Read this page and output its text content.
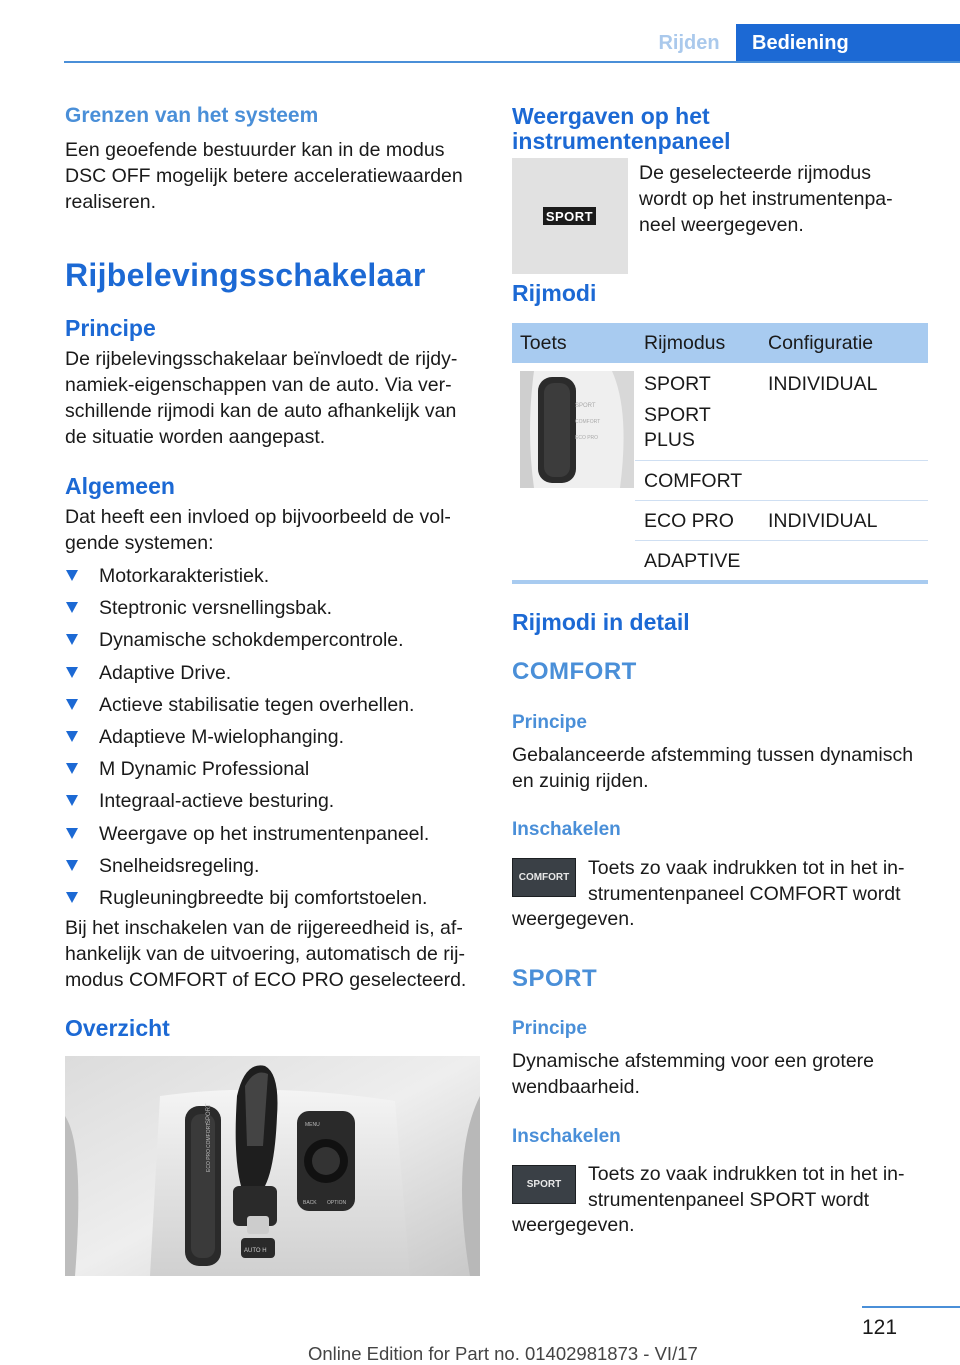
Rijden	Bediening

Grenzen van het systeem

Een geoefende bestuurder kan in de modus DSC OFF mogelijk betere acceleratiewaarden realiseren.

Rijbelevingsschakelaar

Principe

De rijbelevingsschakelaar beïnvloedt de rijdy-namiek-eigenschappen van de auto. Via ver-schillende rijmodi kan de auto afhankelijk van de situatie worden aangepast.

Algemeen

Dat heeft een invloed op bijvoorbeeld de vol-gende systemen:

Motorkarakteristiek.
Steptronic versnellingsbak.
Dynamische schokdempercontrole.
Adaptive Drive.
Actieve stabilisatie tegen overhellen.
Adaptieve M-wielophanging.
M Dynamic Professional
Integraal-actieve besturing.
Weergave op het instrumentenpaneel.
Snelheidsregeling.
Rugleuningbreedte bij comfortstoelen.

Bij het inschakelen van de rijgereedheid is, af-hankelijk van de uitvoering, automatisch de rij-modus COMFORT of ECO PRO geselecteerd.

Overzicht

SPORT
COMFORT
ECO PRO
AUTO H
MENU
BACK OPTION

Weergaven op het instrumentenpaneel

SPORT

De geselecteerde rijmodus wordt op het instrumentenpa-neel weergegeven.

Rijmodi

Toets	Rijmodus Configuratie
SPORT
COMFORT
ECO PRO
SPORT
SPORT PLUS
INDIVIDUAL
COMFORT
ECO PRO INDIVIDUAL
ADAPTIVE

Rijmodi in detail

COMFORT

Principe

Gebalanceerde afstemming tussen dynamisch en zuinig rijden.

Inschakelen

COMFORT Toets zo vaak indrukken tot in het in-strumentenpaneel COMFORT wordt

weergegeven.

SPORT

Principe

Dynamische afstemming voor een grotere wendbaarheid.

Inschakelen

SPORT Toets zo vaak indrukken tot in het in-strumentenpaneel SPORT wordt

weergegeven.

121
Online Edition for Part no. 01402981873 - VI/17
